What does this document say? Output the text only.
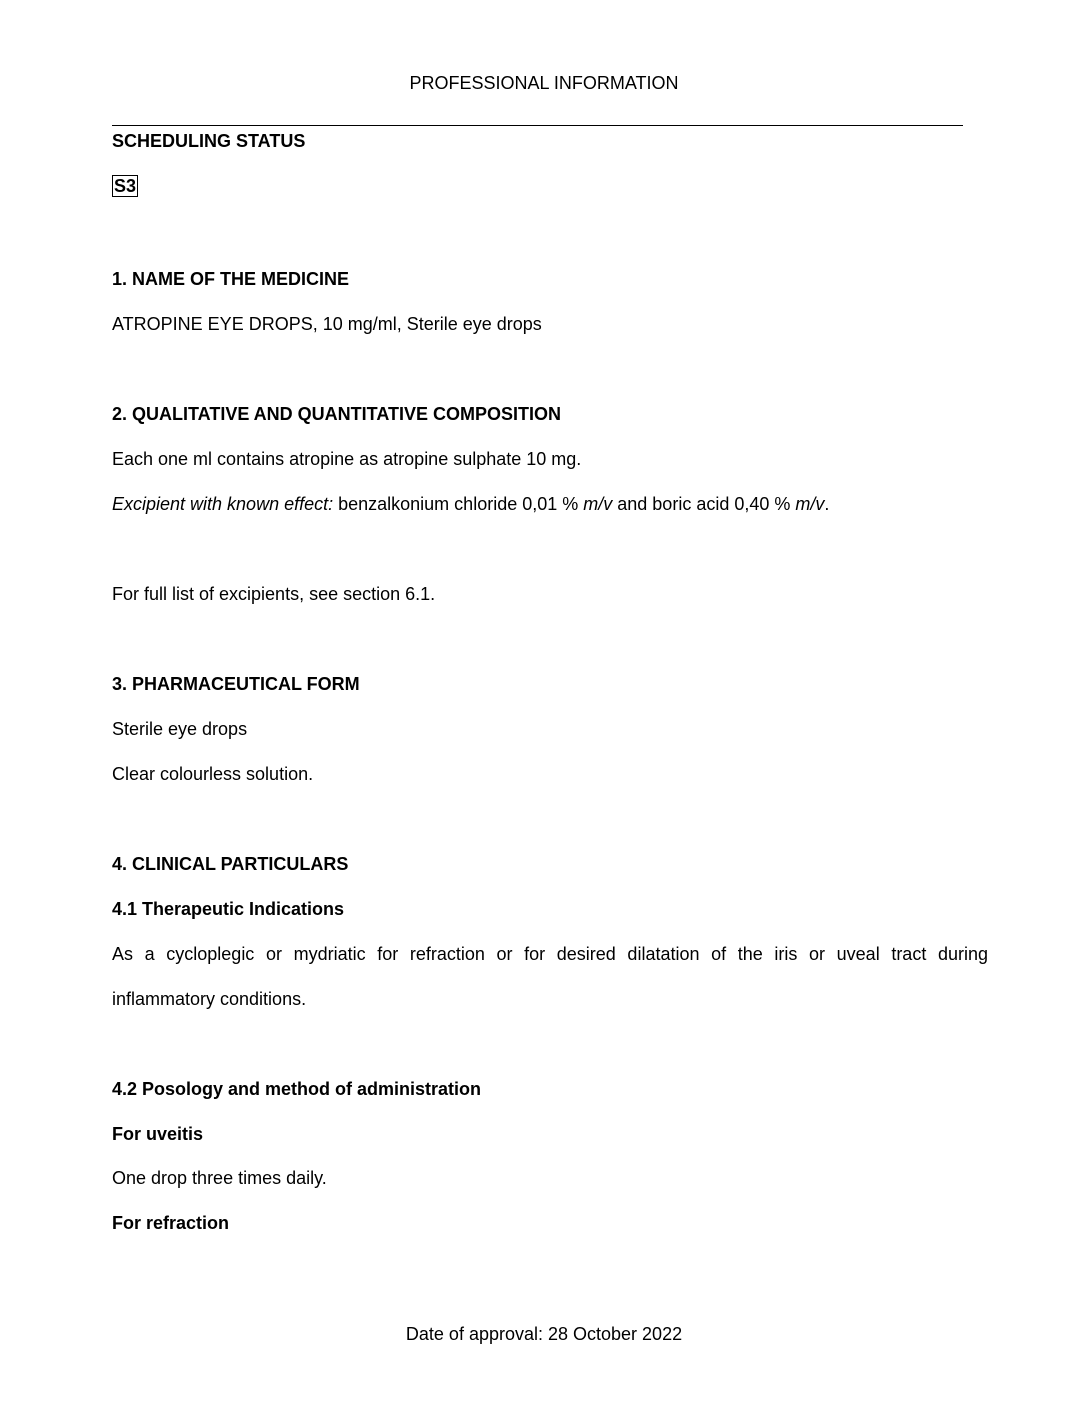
PROFESSIONAL INFORMATION
SCHEDULING STATUS
S3
1. NAME OF THE MEDICINE
ATROPINE EYE DROPS, 10 mg/ml, Sterile eye drops
2. QUALITATIVE AND QUANTITATIVE COMPOSITION
Each one ml contains atropine as atropine sulphate 10 mg.
Excipient with known effect: benzalkonium chloride 0,01 % m/v and boric acid 0,40 % m/v.
For full list of excipients, see section 6.1.
3. PHARMACEUTICAL FORM
Sterile eye drops
Clear colourless solution.
4. CLINICAL PARTICULARS
4.1 Therapeutic Indications
As a cycloplegic or mydriatic for refraction or for desired dilatation of the iris or uveal tract during
inflammatory conditions.
4.2 Posology and method of administration
For uveitis
One drop three times daily.
For refraction
Date of approval: 28 October 2022
